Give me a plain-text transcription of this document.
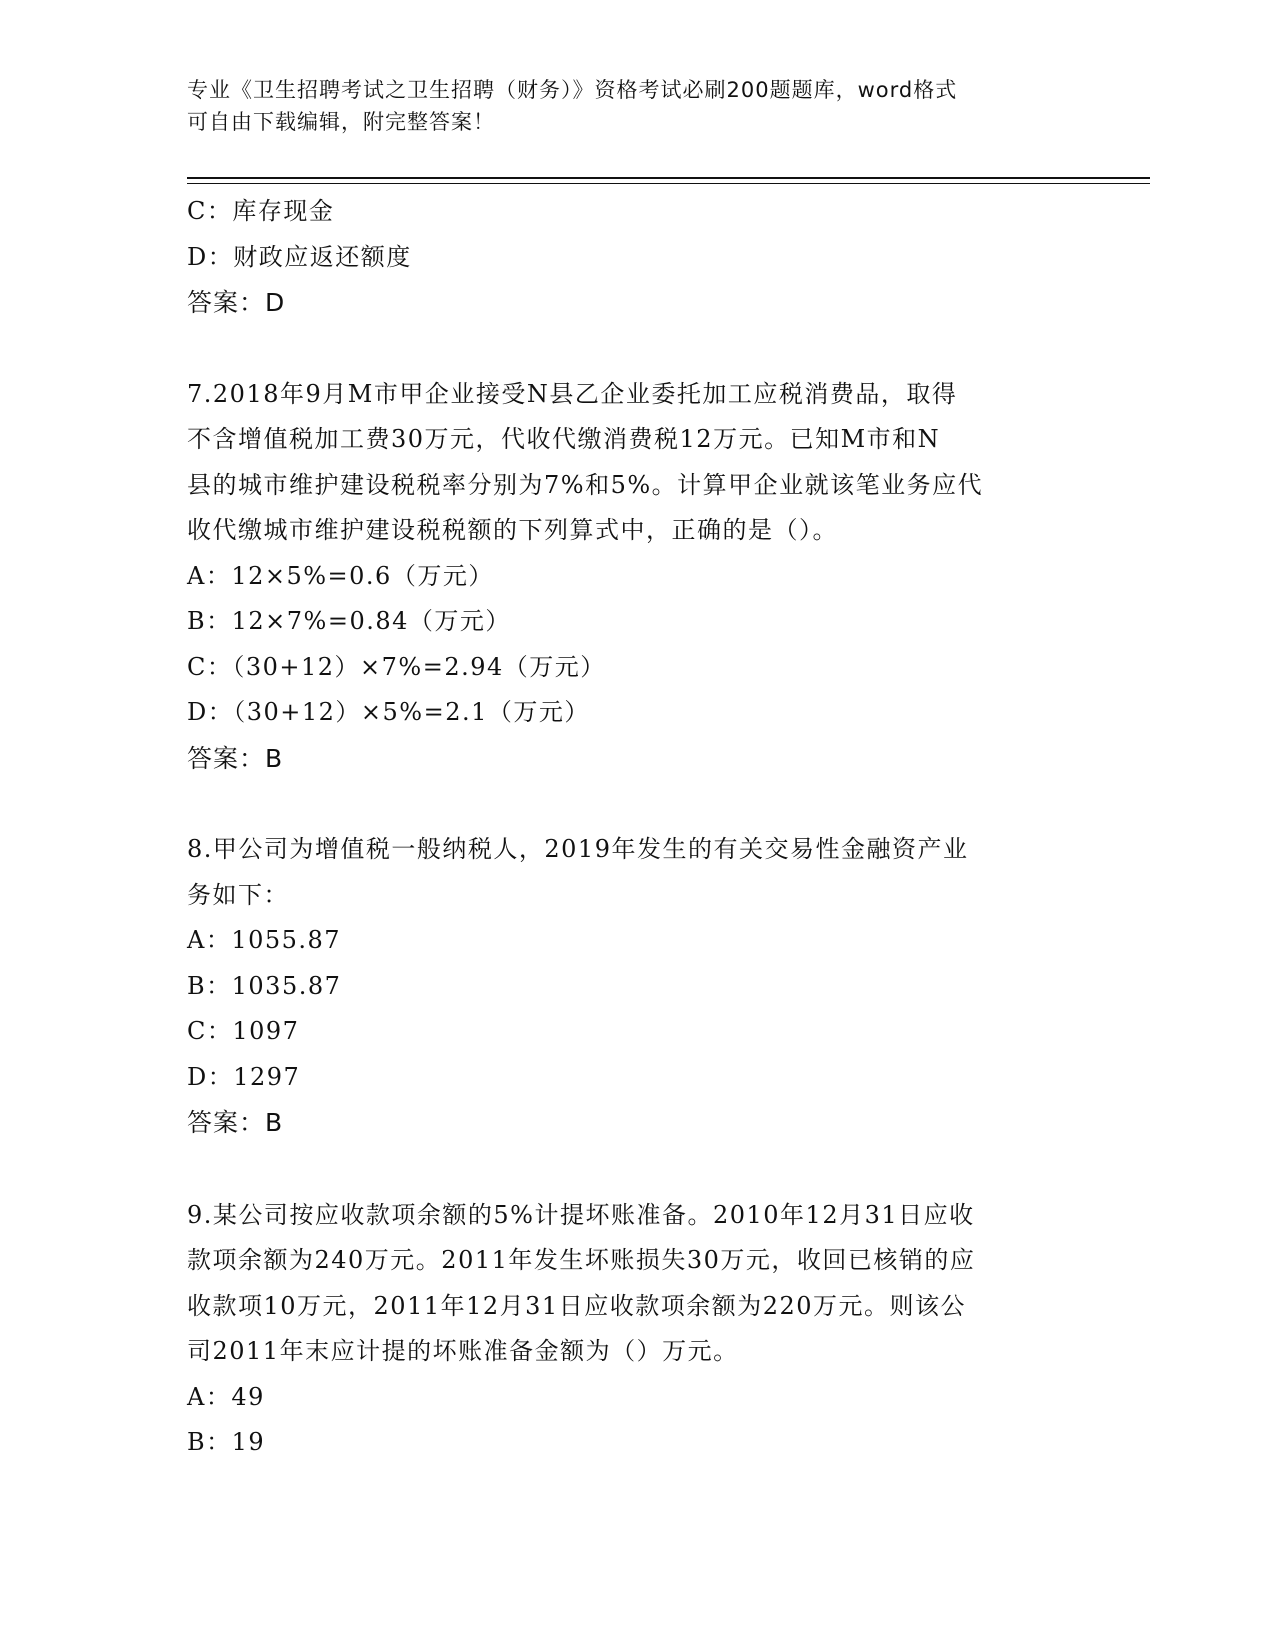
专业《卫生招聘考试之卫生招聘（财务）》资格考试必刷200题题库，word格式
可自由下载编辑，附完整答案！
C：库存现金
D：财政应返还额度
答案：D
7.2018年9月M市甲企业接受N县乙企业委托加工应税消费品，取得
不含增值税加工费30万元，代收代缴消费税12万元。已知M市和N
县的城市维护建设税税率分别为7%和5%。计算甲企业就该笔业务应代
收代缴城市维护建设税税额的下列算式中，正确的是（）。
A：12×5%=0.6（万元）
B：12×7%=0.84（万元）
C：（30+12）×7%=2.94（万元）
D：（30+12）×5%=2.1（万元）
答案：B
8.甲公司为增值税一般纳税人，2019年发生的有关交易性金融资产业
务如下：
A：1055.87
B：1035.87
C：1097
D：1297
答案：B
9.某公司按应收款项余额的5%计提坏账准备。2010年12月31日应收
款项余额为240万元。2011年发生坏账损失30万元，收回已核销的应
收款项10万元，2011年12月31日应收款项余额为220万元。则该公
司2011年末应计提的坏账准备金额为（）万元。
A：49
B：19
